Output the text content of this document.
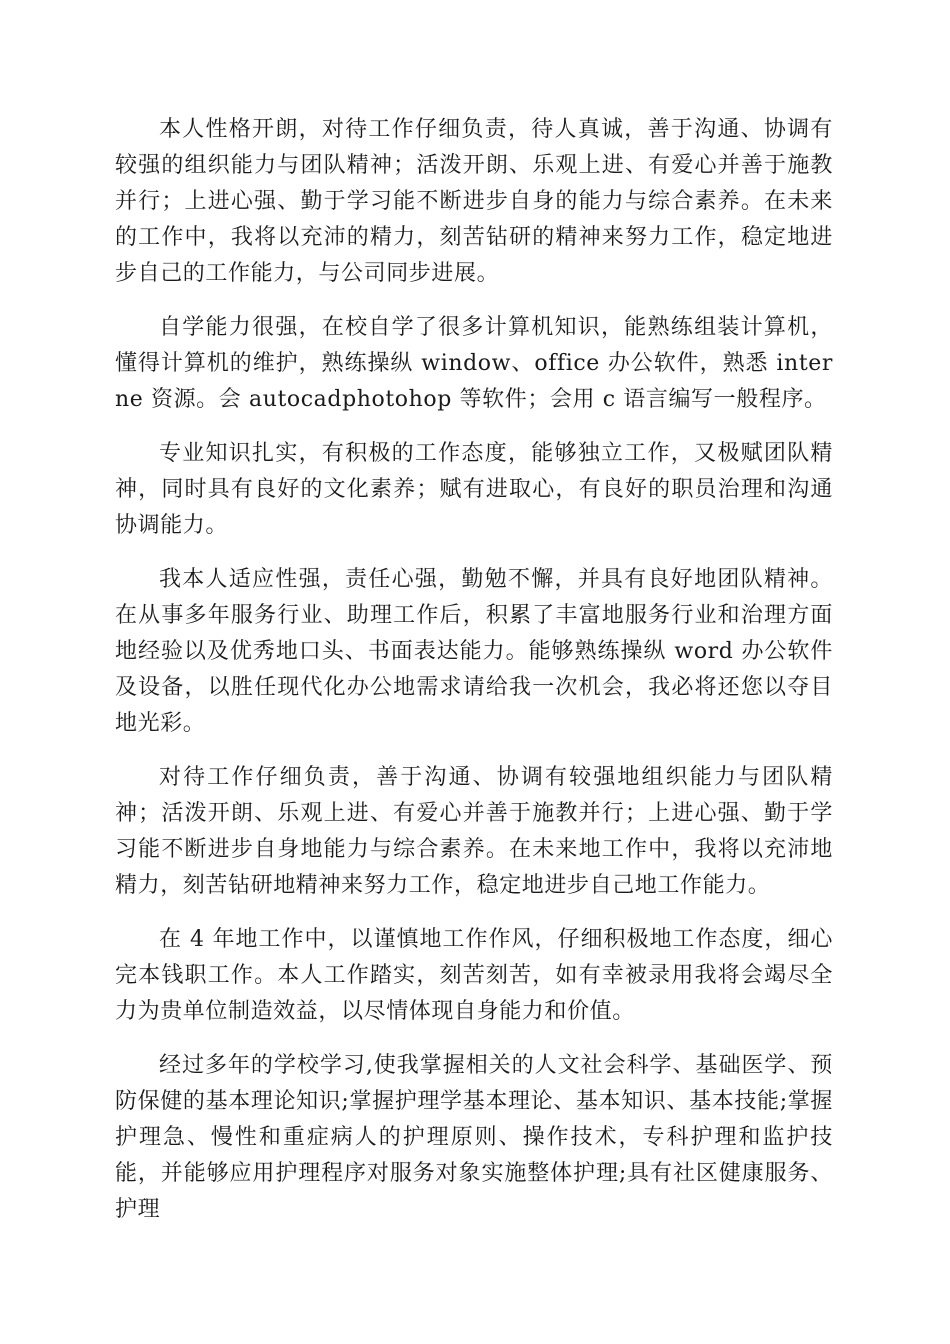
本人性格开朗，对待工作仔细负责，待人真诚，善于沟通、协调有较强的组织能力与团队精神；活泼开朗、乐观上进、有爱心并善于施教并行；上进心强、勤于学习能不断进步自身的能力与综合素养。在未来的工作中，我将以充沛的精力，刻苦钻研的精神来努力工作，稳定地进步自己的工作能力，与公司同步进展。

自学能力很强，在校自学了很多计算机知识，能熟练组装计算机，懂得计算机的维护，熟练操纵 window、office 办公软件，熟悉 interne 资源。会 autocadphotohop 等软件；会用 c 语言编写一般程序。

专业知识扎实，有积极的工作态度，能够独立工作，又极赋团队精神，同时具有良好的文化素养；赋有进取心，有良好的职员治理和沟通协调能力。

我本人适应性强，责任心强，勤勉不懈，并具有良好地团队精神。在从事多年服务行业、助理工作后，积累了丰富地服务行业和治理方面地经验以及优秀地口头、书面表达能力。能够熟练操纵 word 办公软件及设备，以胜任现代化办公地需求请给我一次机会，我必将还您以夺目地光彩。

对待工作仔细负责，善于沟通、协调有较强地组织能力与团队精神；活泼开朗、乐观上进、有爱心并善于施教并行；上进心强、勤于学习能不断进步自身地能力与综合素养。在未来地工作中，我将以充沛地精力，刻苦钻研地精神来努力工作，稳定地进步自己地工作能力。

在 4 年地工作中，以谨慎地工作作风，仔细积极地工作态度，细心完本钱职工作。本人工作踏实，刻苦刻苦，如有幸被录用我将会竭尽全力为贵单位制造效益，以尽情体现自身能力和价值。

经过多年的学校学习,使我掌握相关的人文社会科学、基础医学、预防保健的基本理论知识;掌握护理学基本理论、基本知识、基本技能;掌握护理急、慢性和重症病人的护理原则、操作技术，专科护理和监护技能，并能够应用护理程序对服务对象实施整体护理;具有社区健康服务、护理
